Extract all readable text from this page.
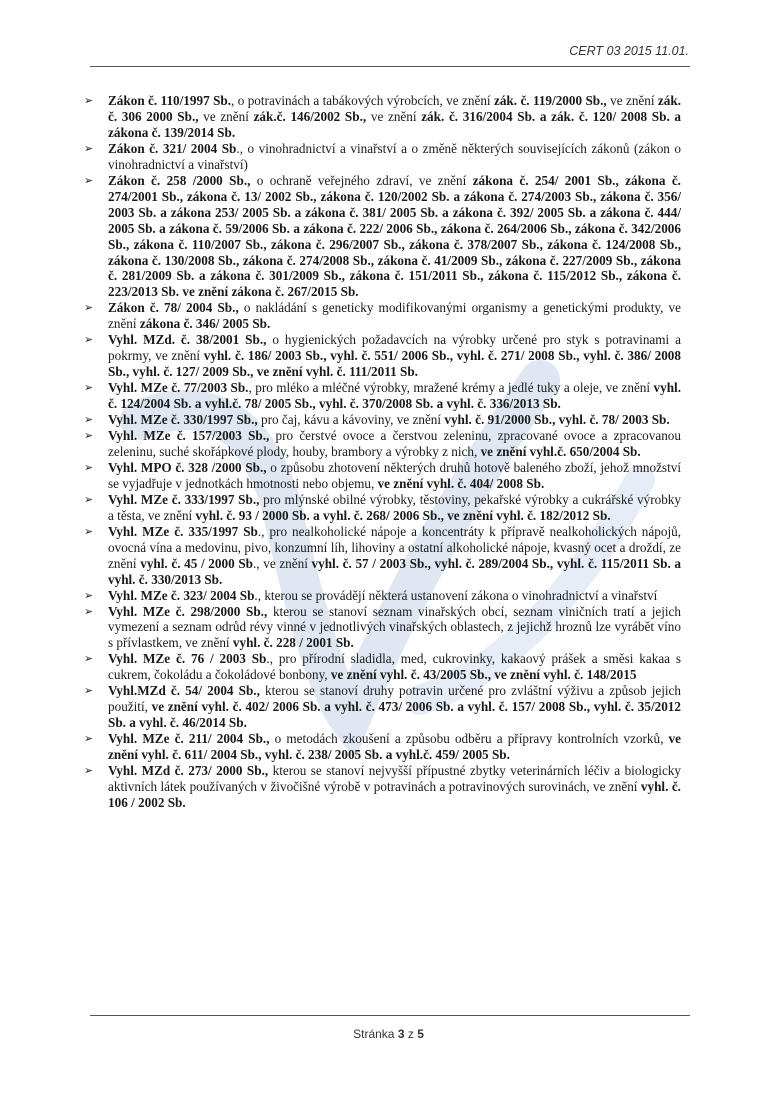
CERT 03 2015 11.01.
➢ Zákon č. 110/1997 Sb., o potravinách a tabákových výrobcích, ve znění zák. č. 119/2000 Sb., ve znění zák. č. 306 2000 Sb., ve znění zák.č. 146/2002 Sb., ve znění zák. č. 316/2004 Sb. a zák. č. 120/ 2008 Sb. a zákona č. 139/2014 Sb.
➢ Zákon č. 321/ 2004 Sb., o vinohradnictví a vinařství a o změně některých souvisejících zákonů (zákon o vinohradnictví a vinařství)
➢ Zákon č. 258 /2000 Sb., o ochraně veřejného zdraví, ve znění zákona č. 254/ 2001 Sb., zákona č. 274/2001 Sb., zákona č. 13/ 2002 Sb., zákona č. 120/2002 Sb. a zákona č. 274/2003 Sb., zákona č. 356/ 2003 Sb. a zákona 253/ 2005 Sb. a zákona č. 381/ 2005 Sb. a zákona č. 392/ 2005 Sb. a zákona č. 444/ 2005 Sb. a zákona č. 59/2006 Sb. a zákona č. 222/ 2006 Sb., zákona č. 264/2006 Sb., zákona č. 342/2006 Sb., zákona č. 110/2007 Sb., zákona č. 296/2007 Sb., zákona č. 378/2007 Sb., zákona č. 124/2008 Sb., zákona č. 130/2008 Sb., zákona č. 274/2008 Sb., zákona č. 41/2009 Sb., zákona č. 227/2009 Sb., zákona č. 281/2009 Sb. a zákona č. 301/2009 Sb., zákona č. 151/2011 Sb., zákona č. 115/2012 Sb., zákona č. 223/2013 Sb. ve znění zákona č. 267/2015 Sb.
➢ Zákon č. 78/ 2004 Sb., o nakládání s geneticky modifikovanými organismy a genetickými produkty, ve znění zákona č. 346/ 2005 Sb.
➢ Vyhl. MZd. č. 38/2001 Sb., o hygienických požadavcích na výrobky určené pro styk s potravinami a pokrmy, ve znění vyhl. č. 186/ 2003 Sb., vyhl. č. 551/ 2006 Sb., vyhl. č. 271/ 2008 Sb., vyhl. č. 386/ 2008 Sb., vyhl. č. 127/ 2009 Sb., ve znění vyhl. č. 111/2011 Sb.
➢ Vyhl. MZe č. 77/2003 Sb., pro mléko a mléčné výrobky, mražené krémy a jedlé tuky a oleje, ve znění vyhl. č. 124/2004 Sb. a vyhl.č. 78/ 2005 Sb., vyhl. č. 370/2008 Sb. a vyhl. č. 336/2013 Sb.
➢ Vyhl. MZe č. 330/1997 Sb., pro čaj, kávu a kávoviny, ve znění vyhl. č. 91/2000 Sb., vyhl. č. 78/ 2003 Sb.
➢ Vyhl. MZe č. 157/2003 Sb., pro čerstvé ovoce a čerstvou zeleninu, zpracované ovoce a zpracovanou zeleninu, suché skořápkové plody, houby, brambory a výrobky z nich, ve znění vyhl.č. 650/2004 Sb.
➢ Vyhl. MPO č. 328 /2000 Sb., o způsobu zhotovení některých druhů hotově baleného zboží, jehož množství se vyjadřuje v jednotkách hmotnosti nebo objemu, ve znění vyhl. č. 404/ 2008 Sb.
➢ Vyhl. MZe č. 333/1997 Sb., pro mlýnské obilné výrobky, těstoviny, pekařské výrobky a cukrářské výrobky a těsta, ve znění vyhl. č. 93 / 2000 Sb. a vyhl. č. 268/ 2006 Sb., ve znění vyhl. č. 182/2012 Sb.
➢ Vyhl. MZe č. 335/1997 Sb., pro nealkoholické nápoje a koncentráty k přípravě nealkoholických nápojů, ovocná vína a medovinu, pivo, konzumní líh, lihoviny a ostatní alkoholické nápoje, kvasný ocet a droždí, ze znění vyhl. č. 45 / 2000 Sb., ve znění vyhl. č. 57 / 2003 Sb., vyhl. č. 289/2004 Sb., vyhl. č. 115/2011 Sb. a vyhl. č. 330/2013 Sb.
➢ Vyhl. MZe č. 323/ 2004 Sb., kterou se provádějí některá ustanovení zákona o vinohradnictví a vinařství
➢ Vyhl. MZe č. 298/2000 Sb., kterou se stanoví seznam vinařských obcí, seznam viničních tratí a jejich vymezení a seznam odrůd révy vinné v jednotlivých vinařských oblastech, z jejichž hroznů lze vyrábět víno s přívlastkem, ve znění vyhl. č. 228 / 2001 Sb.
➢ Vyhl. MZe č. 76 / 2003 Sb., pro přírodní sladidla, med, cukrovinky, kakaový prášek a směsi kakaa s cukrem, čokoládu a čokoládové bonbony, ve znění vyhl. č. 43/2005 Sb., ve znění vyhl. č. 148/2015
➢ Vyhl.MZd č. 54/ 2004 Sb., kterou se stanoví druhy potravin určené pro zvláštní výživu a způsob jejich použití, ve znění vyhl. č. 402/ 2006 Sb. a vyhl. č. 473/ 2006 Sb. a vyhl. č. 157/ 2008 Sb., vyhl. č. 35/2012 Sb. a vyhl. č. 46/2014 Sb.
➢ Vyhl. MZe č. 211/ 2004 Sb., o metodách zkoušení a způsobu odběru a přípravy kontrolních vzorků, ve znění vyhl. č. 611/ 2004 Sb., vyhl. č. 238/ 2005 Sb. a vyhl.č. 459/ 2005 Sb.
➢ Vyhl. MZd č. 273/ 2000 Sb., kterou se stanoví nejvyšší přípustné zbytky veterinárních léčiv a biologicky aktivních látek používaných v živočišné výrobě v potravinách a potravinových surovinách, ve znění vyhl. č. 106 / 2002 Sb.
Stránka 3 z 5
